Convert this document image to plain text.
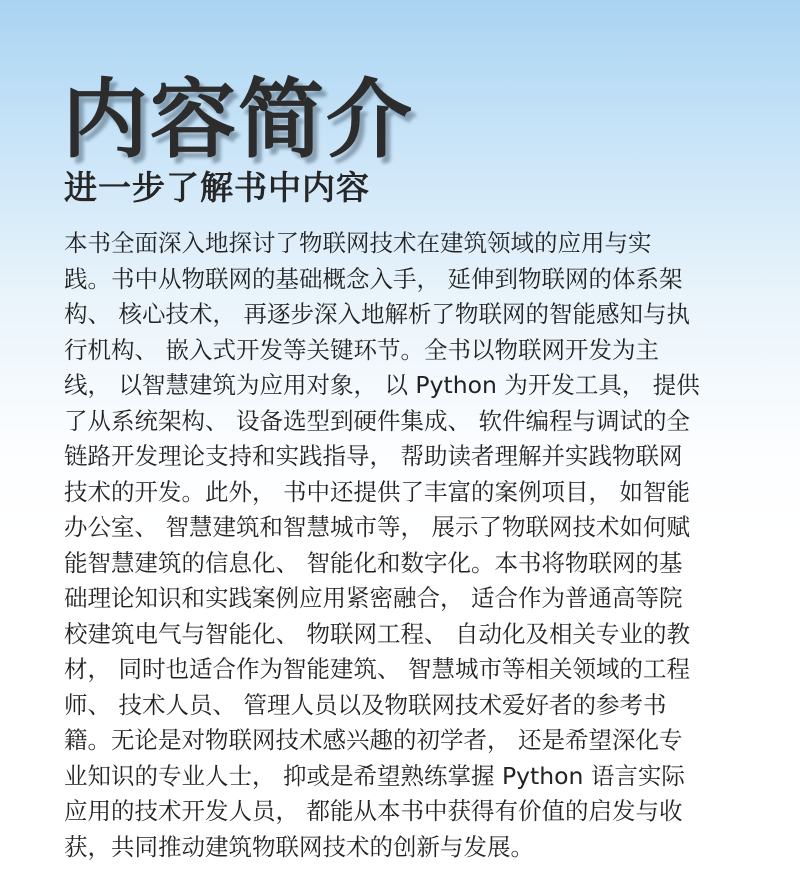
内容简介
进一步了解书中内容
本书全面深入地探讨了物联网技术在建筑领域的应用与实
践。书中从物联网的基础概念入手， 延伸到物联网的体系架
构、 核心技术， 再逐步深入地解析了物联网的智能感知与执
行机构、 嵌入式开发等关键环节。全书以物联网开发为主
线， 以智慧建筑为应用对象， 以 Python 为开发工具， 提供
了从系统架构、 设备选型到硬件集成、 软件编程与调试的全
链路开发理论支持和实践指导， 帮助读者理解并实践物联网
技术的开发。此外， 书中还提供了丰富的案例项目， 如智能
办公室、 智慧建筑和智慧城市等， 展示了物联网技术如何赋
能智慧建筑的信息化、 智能化和数字化。本书将物联网的基
础理论知识和实践案例应用紧密融合， 适合作为普通高等院
校建筑电气与智能化、 物联网工程、 自动化及相关专业的教
材， 同时也适合作为智能建筑、 智慧城市等相关领域的工程
师、 技术人员、 管理人员以及物联网技术爱好者的参考书
籍。无论是对物联网技术感兴趣的初学者， 还是希望深化专
业知识的专业人士， 抑或是希望熟练掌握 Python 语言实际
应用的技术开发人员， 都能从本书中获得有价值的启发与收
获，共同推动建筑物联网技术的创新与发展。
